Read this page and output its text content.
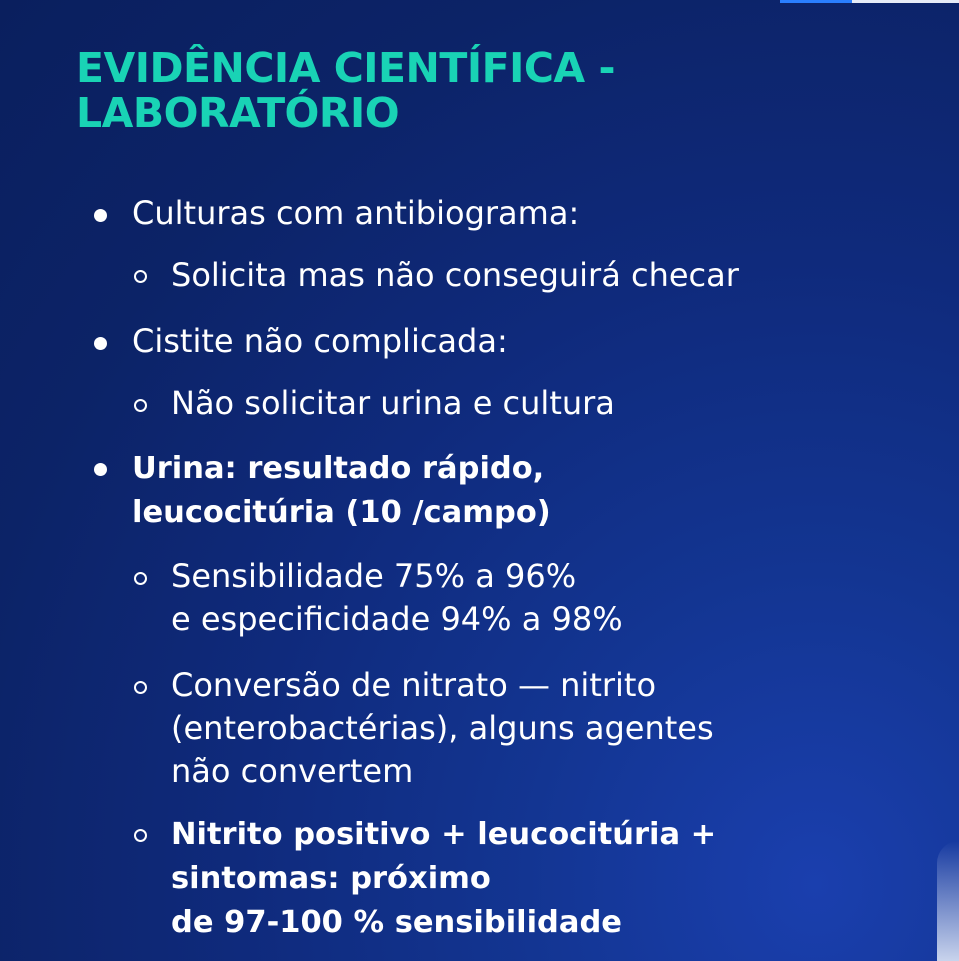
EVIDÊNCIA CIENTÍFICA -
LABORATÓRIO

Culturas com antibiograma:

Solicita mas não conseguirá checar

Cistite não complicada:

Não solicitar urina e cultura

Urina: resultado rápido,
leucocitúria (10 /campo)

Sensibilidade 75% a 96%
e especificidade 94% a 98%

Conversão de nitrato — nitrito
(enterobactérias), alguns agentes
não convertem

Nitrito positivo + leucocitúria +
sintomas: próximo
de 97-100 % sensibilidade
